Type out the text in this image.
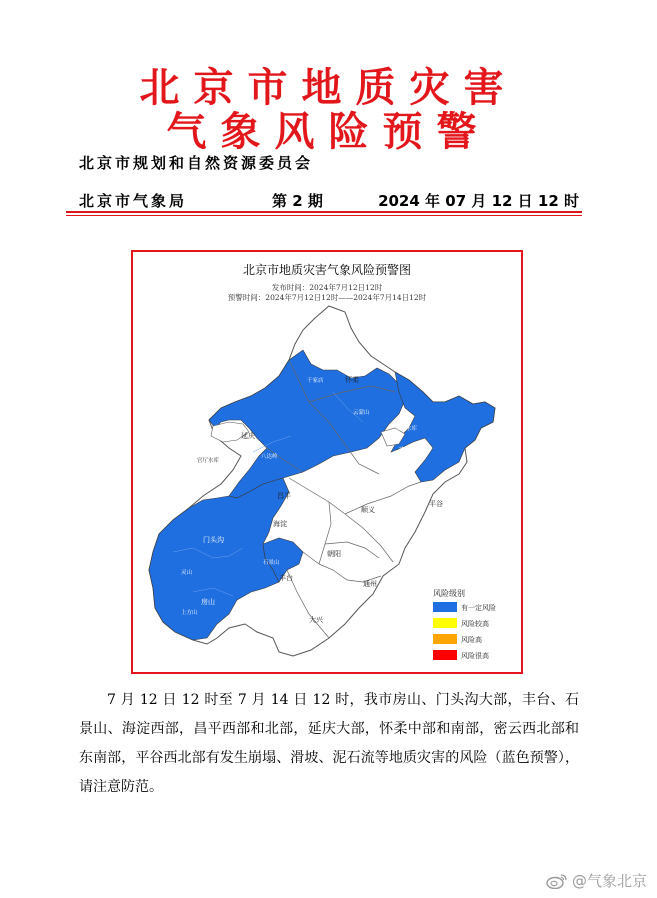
北京市地质灾害
气象风险预警
北京市规划和自然资源委员会
北京市气象局	第 2 期	2024 年 07 月 12 日 12 时
北京市地质灾害气象风险预警图
发布时间：2024年7月12日12时
预警时间：2024年7月12日12时——2024年7月14日12时
延庆
怀柔
千家店
云蒙山
密云水库
密云
官厅水库
八达岭
昌平
顺义
平谷
海淀
门头沟
石景山
朝阳
丰台
通州
房山
灵山
上方山
大兴
风险级别
有一定风险
风险较高
风险高
风险很高
7 月 12 日 12 时至 7 月 14 日 12 时，我市房山、门头沟大部，丰台、石景山、海淀西部，昌平西部和北部，延庆大部，怀柔中部和南部，密云西北部和东南部，平谷西北部有发生崩塌、滑坡、泥石流等地质灾害的风险（蓝色预警），请注意防范。
@气象北京
